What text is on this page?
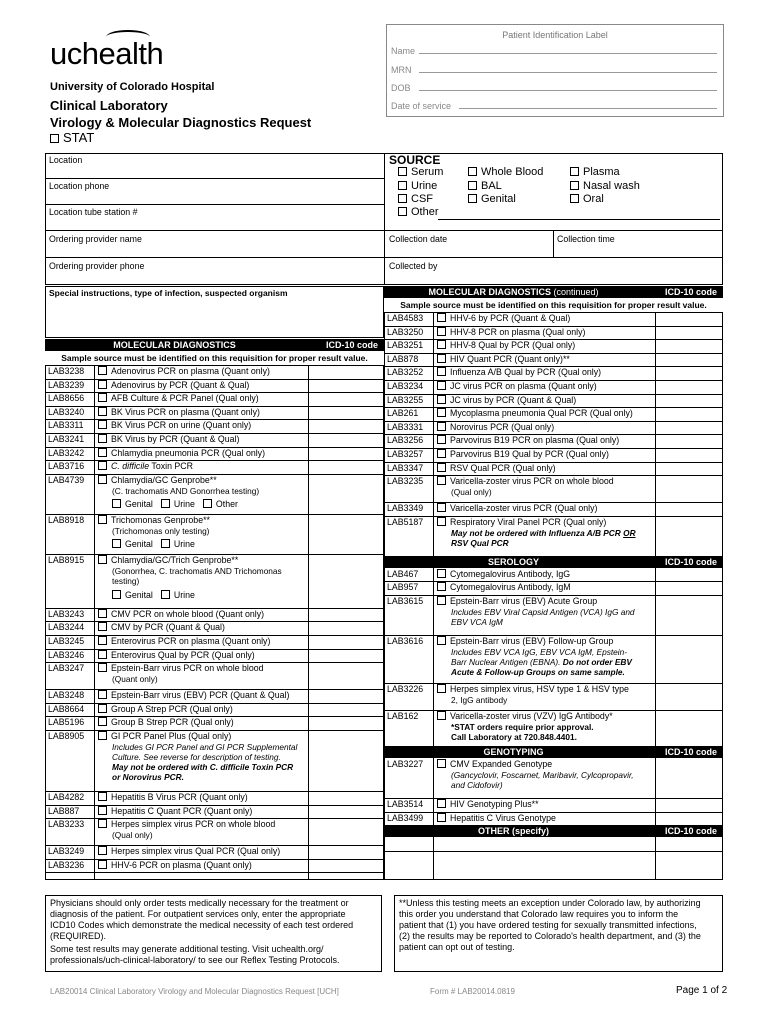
uchealth
University of Colorado Hospital
Clinical Laboratory
Virology & Molecular Diagnostics Request
STAT
Patient Identification Label
Name
MRN
DOB
Date of service
Location
Location phone
Location tube station #
Ordering provider name
Ordering provider phone
Collection date	Collection time
Collected by
SOURCE
Serum	Whole Blood	Plasma
Urine	BAL	Nasal wash
CSF	Genital	Oral
Other
Special instructions, type of infection, suspected organism
MOLECULAR DIAGNOSTICS	ICD-10 code
Sample source must be identified on this requisition for proper result value.
LAB3238	Adenovirus PCR on plasma (Quant only)
LAB3239	Adenovirus by PCR (Quant & Qual)
LAB8656	AFB Culture & PCR Panel (Qual only)
LAB3240	BK Virus PCR on plasma (Quant only)
LAB3311	BK Virus PCR on urine (Quant only)
LAB3241	BK Virus by PCR (Quant & Qual)
LAB3242	Chlamydia pneumonia PCR (Qual only)
LAB3716	C. difficile Toxin PCR
LAB4739	Chlamydia/GC Genprobe**
(C. trachomatis AND Gonorrhea testing)
Genital Urine Other
LAB8918	Trichomonas Genprobe**
(Trichomonas only testing)
Genital Urine
LAB8915	Chlamydia/GC/Trich Genprobe**
(Gonorrhea, C. trachomatis AND Trichomonas
testing)
Genital Urine
LAB3243	CMV PCR on whole blood (Quant only)
LAB3244	CMV by PCR (Quant & Qual)
LAB3245	Enterovirus PCR on plasma (Quant only)
LAB3246	Enterovirus Qual by PCR (Qual only)
LAB3247	Epstein-Barr virus PCR on whole blood
(Quant only)
LAB3248	Epstein-Barr virus (EBV) PCR (Quant & Qual)
LAB8664	Group A Strep PCR (Qual only)
LAB5196	Group B Strep PCR (Qual only)
LAB8905	GI PCR Panel Plus (Qual only)
Includes GI PCR Panel and GI PCR Supplemental
Culture. See reverse for description of testing.
May not be ordered with C. difficile Toxin PCR
or Norovirus PCR.
LAB4282	Hepatitis B Virus PCR (Quant only)
LAB887	Hepatitis C Quant PCR (Quant only)
LAB3233	Herpes simplex virus PCR on whole blood
(Qual only)
LAB3249	Herpes simplex virus Qual PCR (Qual only)
LAB3236	HHV-6 PCR on plasma (Quant only)
MOLECULAR DIAGNOSTICS (continued)	ICD-10 code
Sample source must be identified on this requisition for proper result value.
LAB4583	HHV-6 by PCR (Quant & Qual)
LAB3250	HHV-8 PCR on plasma (Qual only)
LAB3251	HHV-8 Qual by PCR (Qual only)
LAB878	HIV Quant PCR (Quant only)**
LAB3252	Influenza A/B Qual by PCR (Qual only)
LAB3234	JC virus PCR on plasma (Quant only)
LAB3255	JC virus by PCR (Quant & Qual)
LAB261	Mycoplasma pneumonia Qual PCR (Qual only)
LAB3331	Norovirus PCR (Qual only)
LAB3256	Parvovirus B19 PCR on plasma (Qual only)
LAB3257	Parvovirus B19 Qual by PCR (Qual only)
LAB3347	RSV Qual PCR (Qual only)
LAB3235	Varicella-zoster virus PCR on whole blood
(Qual only)
LAB3349	Varicella-zoster virus PCR (Qual only)
LAB5187	Respiratory Viral Panel PCR (Qual only)
May not be ordered with Influenza A/B PCR OR
RSV Qual PCR
SEROLOGY	ICD-10 code
LAB467	Cytomegalovirus Antibody, IgG
LAB957	Cytomegalovirus Antibody, IgM
LAB3615	Epstein-Barr virus (EBV) Acute Group
Includes EBV Viral Capsid Antigen (VCA) IgG and
EBV VCA IgM
LAB3616	Epstein-Barr virus (EBV) Follow-up Group
Includes EBV VCA IgG, EBV VCA IgM, Epstein-
Barr Nuclear Antigen (EBNA). Do not order EBV
Acute & Follow-up Groups on same sample.
LAB3226	Herpes simplex virus, HSV type 1 & HSV type
2, IgG antibody
LAB162	Varicella-zoster virus (VZV) IgG Antibody*
*STAT orders require prior approval.
Call Laboratory at 720.848.4401.
GENOTYPING	ICD-10 code
LAB3227	CMV Expanded Genotype
(Gancyclovir, Foscarnet, Maribavir, Cylcopropavir,
and Cidofovir)
LAB3514	HIV Genotyping Plus**
LAB3499	Hepatitis C Virus Genotype
OTHER (specify)	ICD-10 code
Physicians should only order tests medically necessary for the treatment or
diagnosis of the patient. For outpatient services only, enter the appropriate
ICD10 Codes which demonstrate the medical necessity of each test ordered
(REQUIRED).
Some test results may generate additional testing. Visit uchealth.org/
professionals/uch-clinical-laboratory/ to see our Reflex Testing Protocols.
**Unless this testing meets an exception under Colorado law, by authorizing
this order you understand that Colorado law requires you to inform the
patient that (1) you have ordered testing for sexually transmitted infections,
(2) the results may be reported to Colorado's health department, and (3) the
patient can opt out of testing.
LAB20014 Clinical Laboratory Virology and Molecular Diagnostics Request [UCH]	Form # LAB20014.0819	Page 1 of 2
